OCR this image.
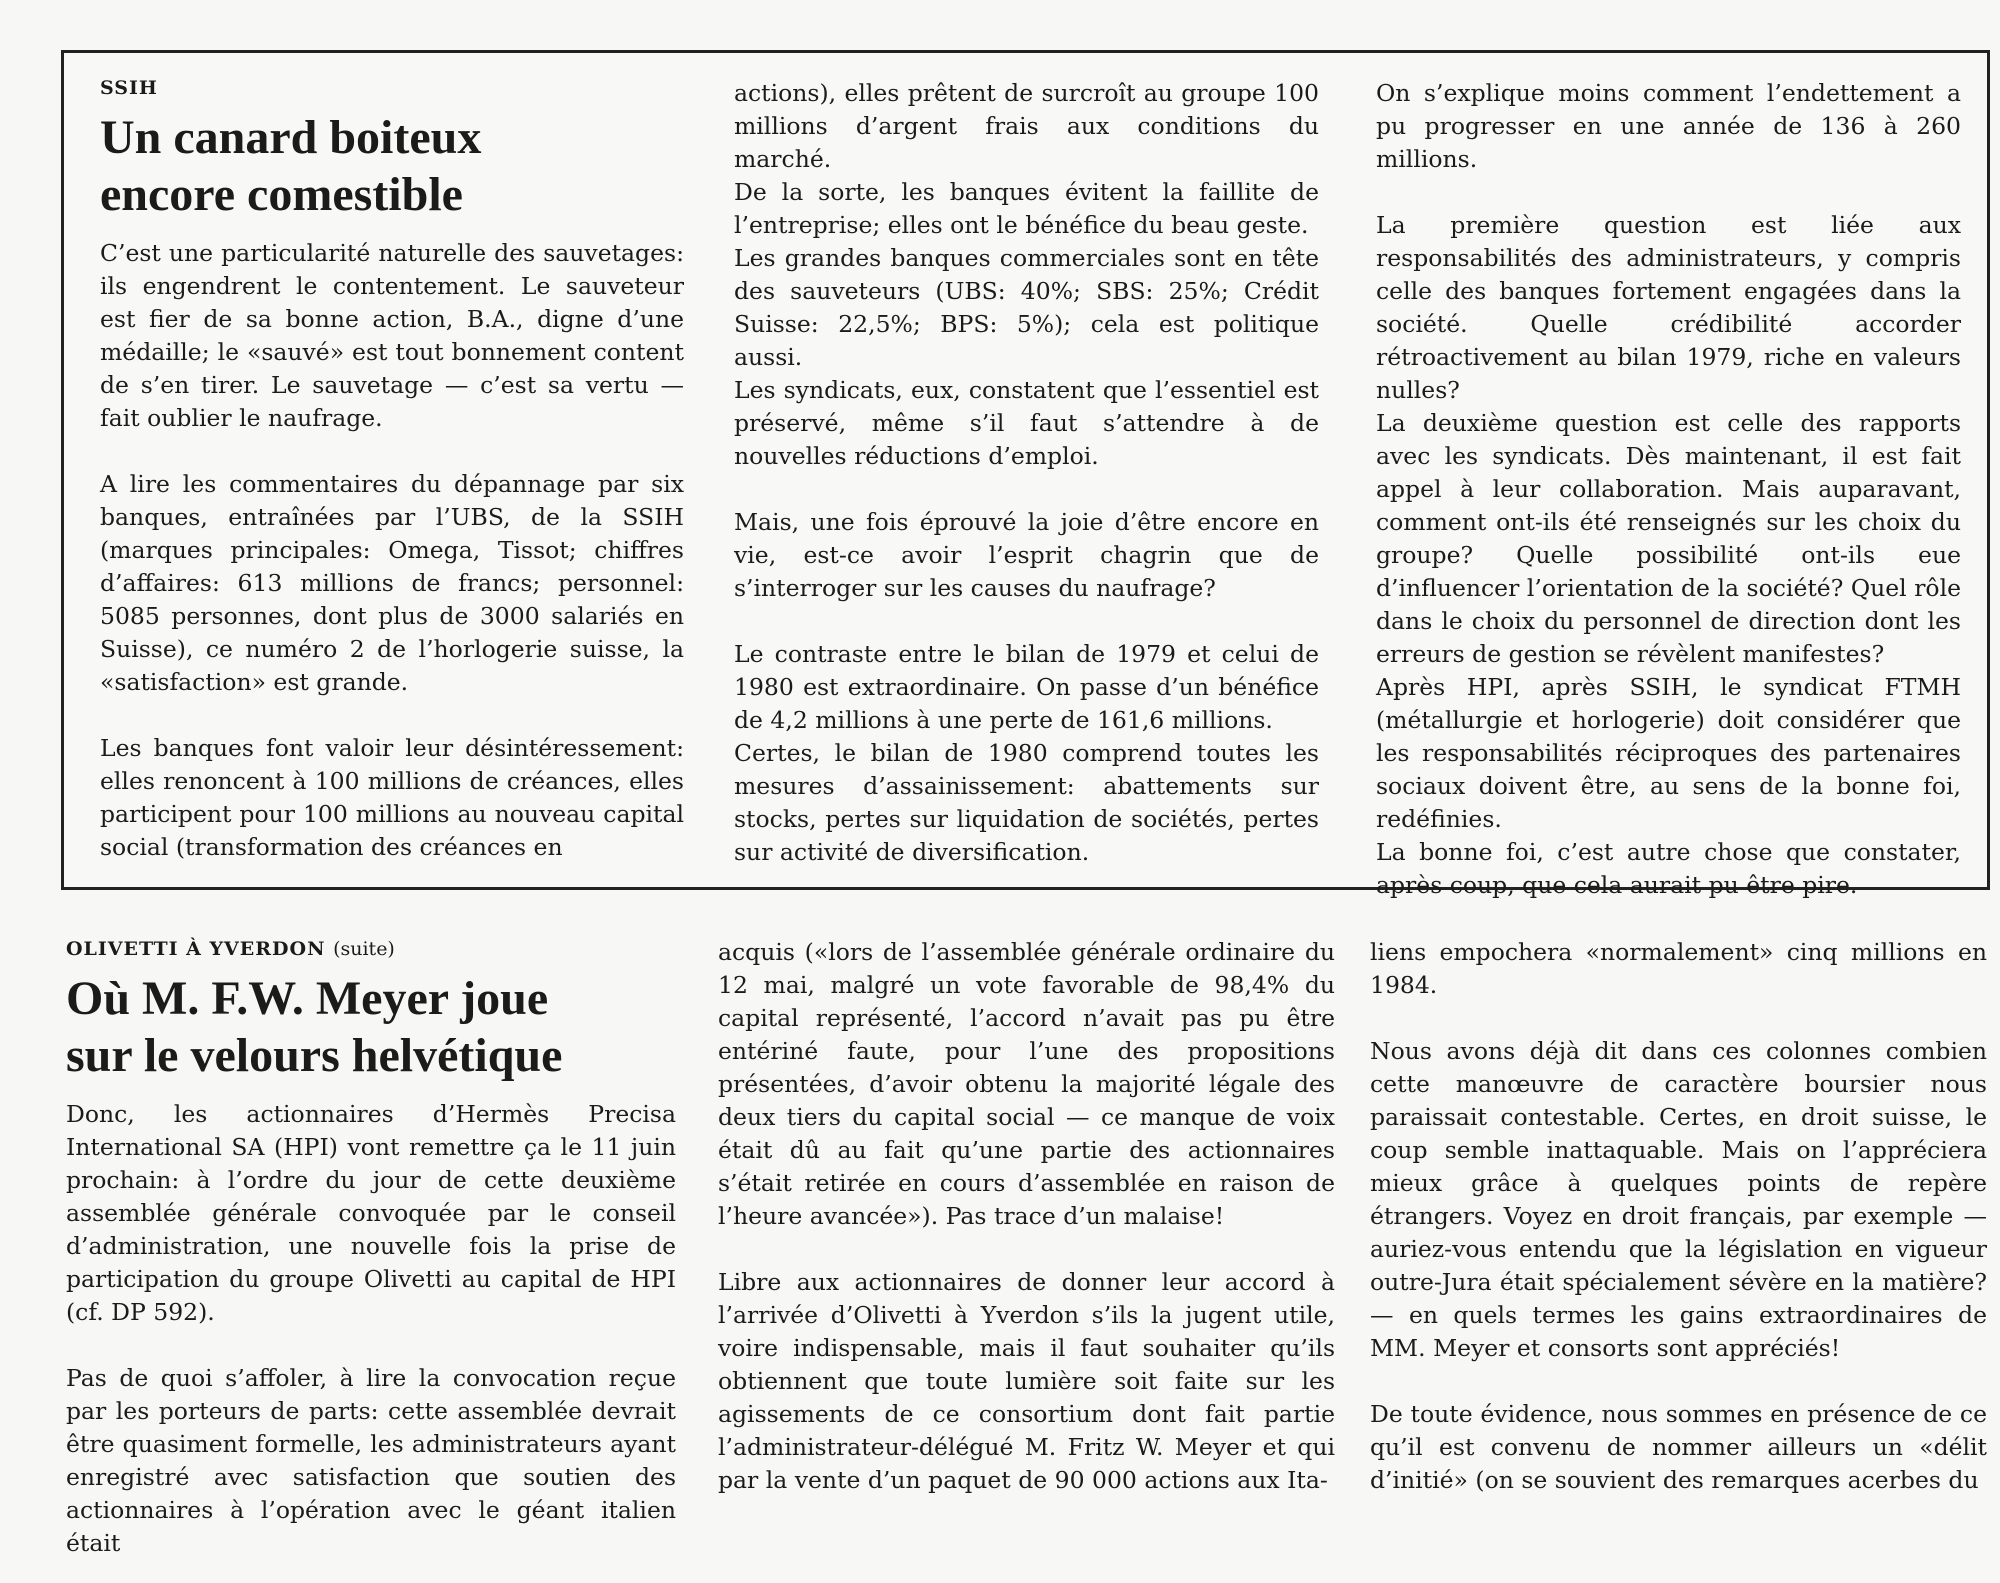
SSIH
Un canard boiteux
encore comestible

C’est une particularité naturelle des sauvetages: ils engendrent le contentement. Le sauveteur est fier de sa bonne action, B.A., digne d’une médaille; le «sauvé» est tout bonnement content de s’en tirer. Le sauvetage — c’est sa vertu — fait oublier le naufrage.

A lire les commentaires du dépannage par six banques, entraînées par l’UBS, de la SSIH (marques principales: Omega, Tissot; chiffres d’affaires: 613 millions de francs; personnel: 5085 personnes, dont plus de 3000 salariés en Suisse), ce numéro 2 de l’horlogerie suisse, la «satisfaction» est grande.

Les banques font valoir leur désintéressement: elles renoncent à 100 millions de créances, elles participent pour 100 millions au nouveau capital social (transformation des créances en

actions), elles prêtent de surcroît au groupe 100 millions d’argent frais aux conditions du marché.

De la sorte, les banques évitent la faillite de l’entreprise; elles ont le bénéfice du beau geste.

Les grandes banques commerciales sont en tête des sauveteurs (UBS: 40%; SBS: 25%; Crédit Suisse: 22,5%; BPS: 5%); cela est politique aussi.

Les syndicats, eux, constatent que l’essentiel est préservé, même s’il faut s’attendre à de nouvelles réductions d’emploi.

Mais, une fois éprouvé la joie d’être encore en vie, est-ce avoir l’esprit chagrin que de s’interroger sur les causes du naufrage?

Le contraste entre le bilan de 1979 et celui de 1980 est extraordinaire. On passe d’un bénéfice de 4,2 millions à une perte de 161,6 millions.

Certes, le bilan de 1980 comprend toutes les mesures d’assainissement: abattements sur stocks, pertes sur liquidation de sociétés, pertes sur activité de diversification.

On s’explique moins comment l’endettement a pu progresser en une année de 136 à 260 millions.

La première question est liée aux responsabilités des administrateurs, y compris celle des banques fortement engagées dans la société. Quelle crédibilité accorder rétroactivement au bilan 1979, riche en valeurs nulles?

La deuxième question est celle des rapports avec les syndicats. Dès maintenant, il est fait appel à leur collaboration. Mais auparavant, comment ont-ils été renseignés sur les choix du groupe? Quelle possibilité ont-ils eue d’influencer l’orientation de la société? Quel rôle dans le choix du personnel de direction dont les erreurs de gestion se révèlent manifestes?

Après HPI, après SSIH, le syndicat FTMH (métallurgie et horlogerie) doit considérer que les responsabilités réciproques des partenaires sociaux doivent être, au sens de la bonne foi, redéfinies.

La bonne foi, c’est autre chose que constater, après coup, que cela aurait pu être pire.

OLIVETTI À YVERDON (suite)
Où M. F.W. Meyer joue
sur le velours helvétique

Donc, les actionnaires d’Hermès Precisa International SA (HPI) vont remettre ça le 11 juin prochain: à l’ordre du jour de cette deuxième assemblée générale convoquée par le conseil d’administration, une nouvelle fois la prise de participation du groupe Olivetti au capital de HPI (cf. DP 592).

Pas de quoi s’affoler, à lire la convocation reçue par les porteurs de parts: cette assemblée devrait être quasiment formelle, les administrateurs ayant enregistré avec satisfaction que soutien des actionnaires à l’opération avec le géant italien était

acquis («lors de l’assemblée générale ordinaire du 12 mai, malgré un vote favorable de 98,4% du capital représenté, l’accord n’avait pas pu être entériné faute, pour l’une des propositions présentées, d’avoir obtenu la majorité légale des deux tiers du capital social — ce manque de voix était dû au fait qu’une partie des actionnaires s’était retirée en cours d’assemblée en raison de l’heure avancée»). Pas trace d’un malaise!

Libre aux actionnaires de donner leur accord à l’arrivée d’Olivetti à Yverdon s’ils la jugent utile, voire indispensable, mais il faut souhaiter qu’ils obtiennent que toute lumière soit faite sur les agissements de ce consortium dont fait partie l’administrateur-délégué M. Fritz W. Meyer et qui par la vente d’un paquet de 90 000 actions aux Ita-

liens empochera «normalement» cinq millions en 1984.

Nous avons déjà dit dans ces colonnes combien cette manœuvre de caractère boursier nous paraissait contestable. Certes, en droit suisse, le coup semble inattaquable. Mais on l’appréciera mieux grâce à quelques points de repère étrangers. Voyez en droit français, par exemple — auriez-vous entendu que la législation en vigueur outre-Jura était spécialement sévère en la matière? — en quels termes les gains extraordinaires de MM. Meyer et consorts sont appréciés!

De toute évidence, nous sommes en présence de ce qu’il est convenu de nommer ailleurs un «délit d’initié» (on se souvient des remarques acerbes du
